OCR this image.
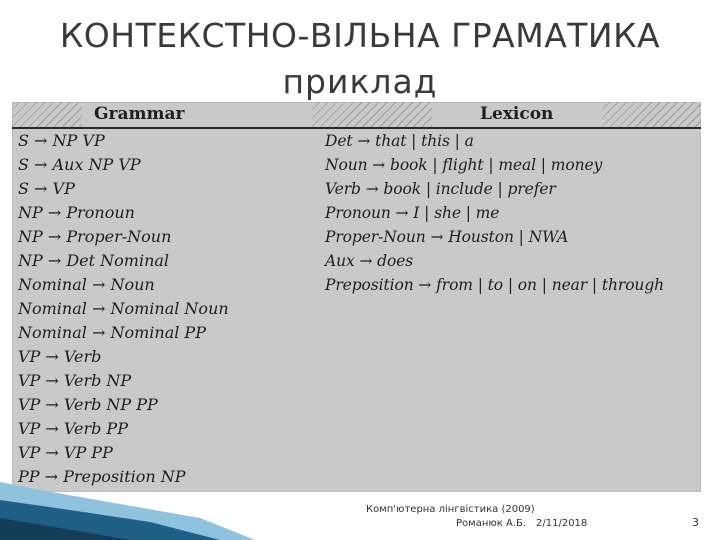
КОНТЕКСТНО-ВІЛЬНА ГРАМАТИКА
приклад
Grammar	Lexicon
S → NP VP
S → Aux NP VP
S → VP
NP → Pronoun
NP → Proper-Noun
NP → Det Nominal
Nominal → Noun
Nominal → Nominal Noun
Nominal → Nominal PP
VP → Verb
VP → Verb NP
VP → Verb NP PP
VP → Verb PP
VP → VP PP
PP → Preposition NP
Det → that | this | a
Noun → book | flight | meal | money
Verb → book | include | prefer
Pronoun → I | she | me
Proper-Noun → Houston | NWA
Aux → does
Preposition → from | to | on | near | through
Комп'ютерна лінгвістика (2009)
Романюк А.Б. 2/11/2018	3
